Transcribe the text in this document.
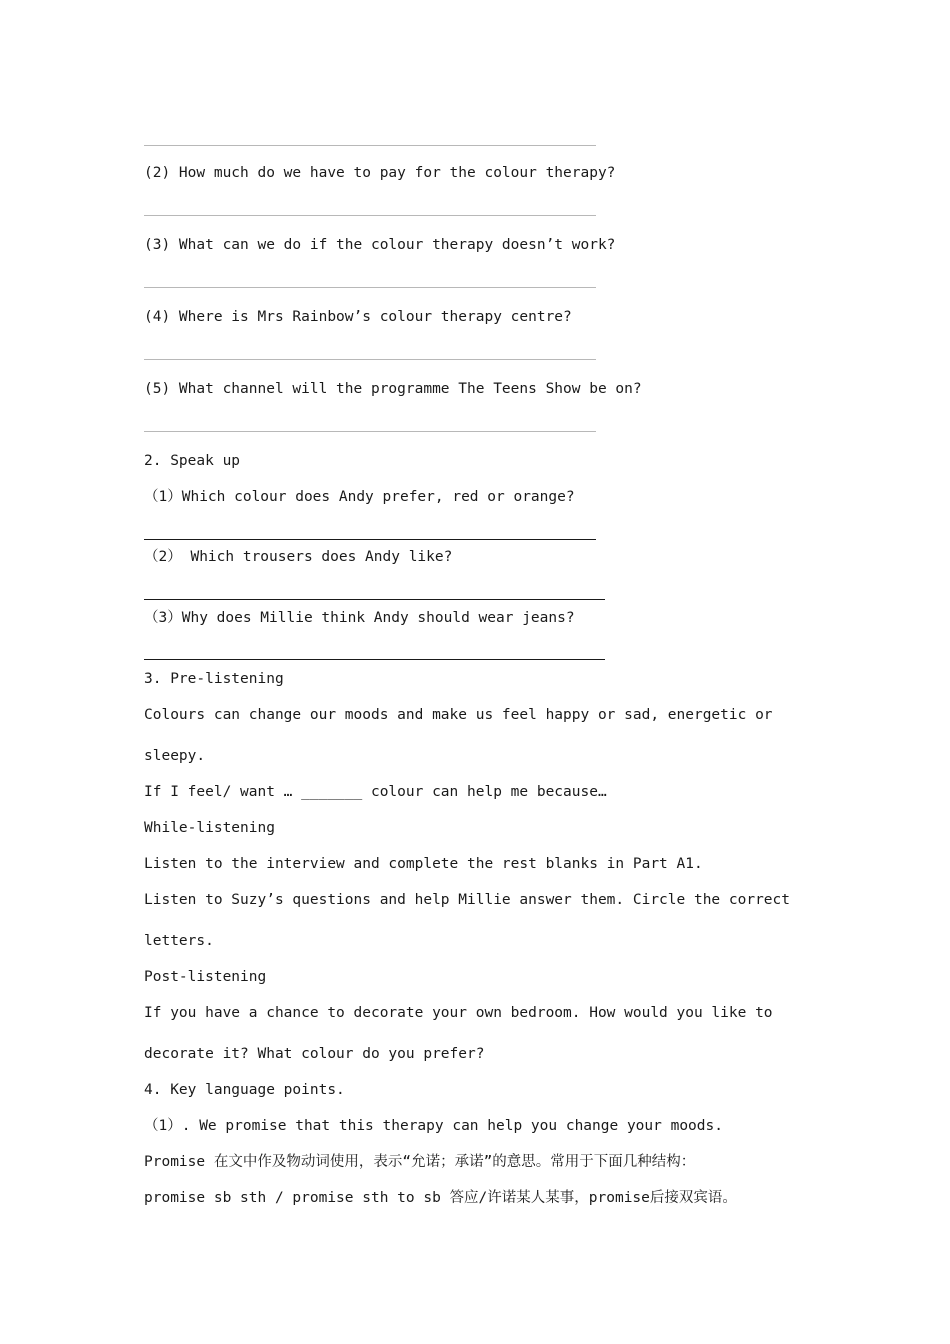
(2) How much do we have to pay for the colour therapy?
(3) What can we do if the colour therapy doesn’t work?
(4) Where is Mrs Rainbow’s colour therapy centre?
(5) What channel will the programme The Teens Show be on?
2. Speak up
（1）Which colour does Andy prefer, red or orange?
（2） Which trousers does Andy like?
（3）Why does Millie think Andy should wear jeans?
3. Pre-listening
Colours can change our moods and make us feel happy or sad, energetic or
sleepy.
If I feel/ want … _______ colour can help me because…
While-listening
Listen to the interview and complete the rest blanks in Part A1.
Listen to Suzy’s questions and help Millie answer them. Circle the correct
letters.
Post-listening
If you have a chance to decorate your own bedroom. How would you like to
decorate it? What colour do you prefer?
4. Key language points.
（1）. We promise that this therapy can help you change your moods.
Promise 在文中作及物动词使用，表示“允诺；承诺”的意思。常用于下面几种结构：
promise sb sth / promise sth to sb 答应/许诺某人某事，promise后接双宾语。
